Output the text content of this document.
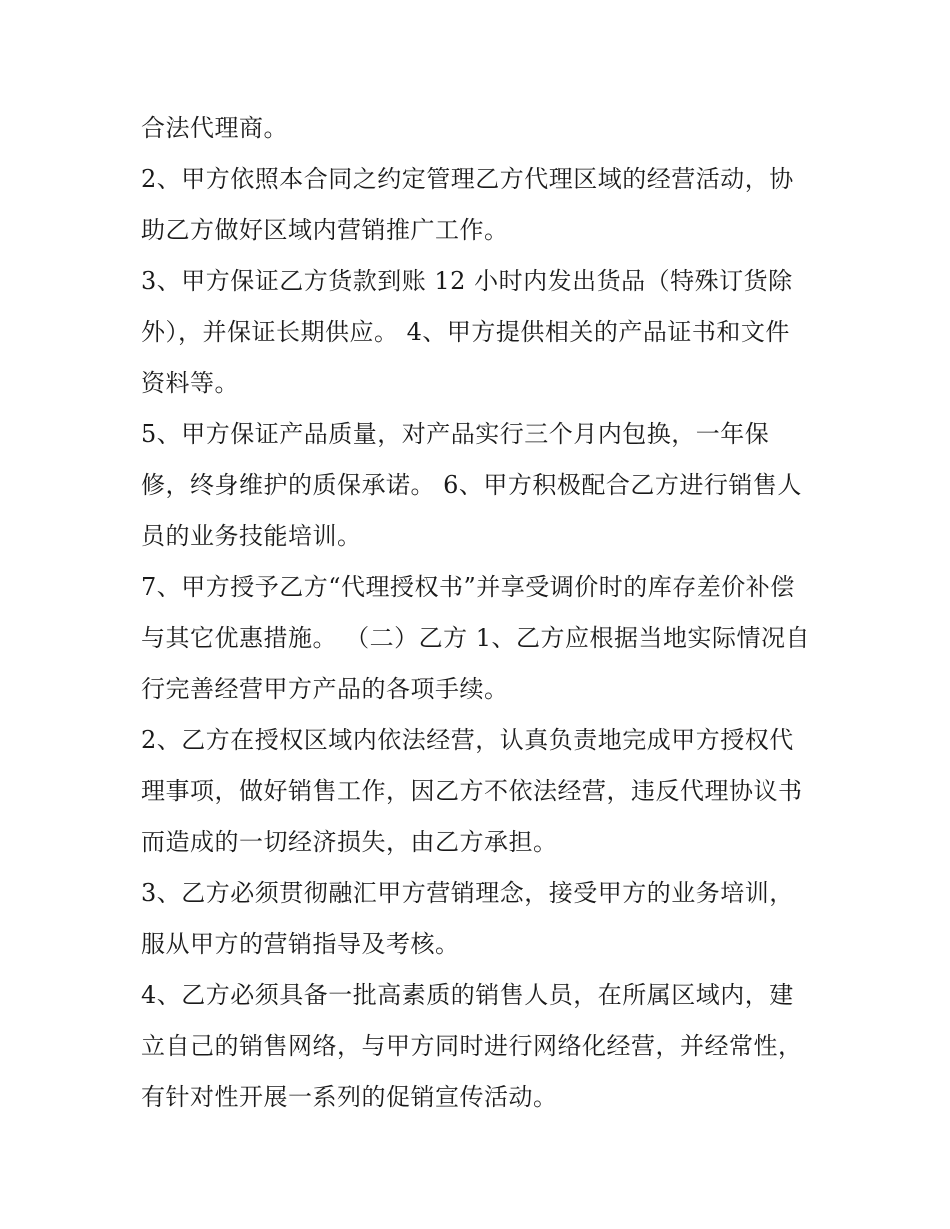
合法代理商。
2、甲方依照本合同之约定管理乙方代理区域的经营活动，协
助乙方做好区域内营销推广工作。
3、甲方保证乙方货款到账 12 小时内发出货品（特殊订货除
外），并保证长期供应。 4、甲方提供相关的产品证书和文件
资料等。
5、甲方保证产品质量，对产品实行三个月内包换，一年保
修，终身维护的质保承诺。 6、甲方积极配合乙方进行销售人
员的业务技能培训。
7、甲方授予乙方“代理授权书”并享受调价时的库存差价补偿
与其它优惠措施。 （二）乙方 1、乙方应根据当地实际情况自
行完善经营甲方产品的各项手续。
2、乙方在授权区域内依法经营，认真负责地完成甲方授权代
理事项，做好销售工作，因乙方不依法经营，违反代理协议书
而造成的一切经济损失，由乙方承担。
3、乙方必须贯彻融汇甲方营销理念，接受甲方的业务培训，
服从甲方的营销指导及考核。
4、乙方必须具备一批高素质的销售人员，在所属区域内，建
立自己的销售网络，与甲方同时进行网络化经营，并经常性，
有针对性开展一系列的促销宣传活动。
